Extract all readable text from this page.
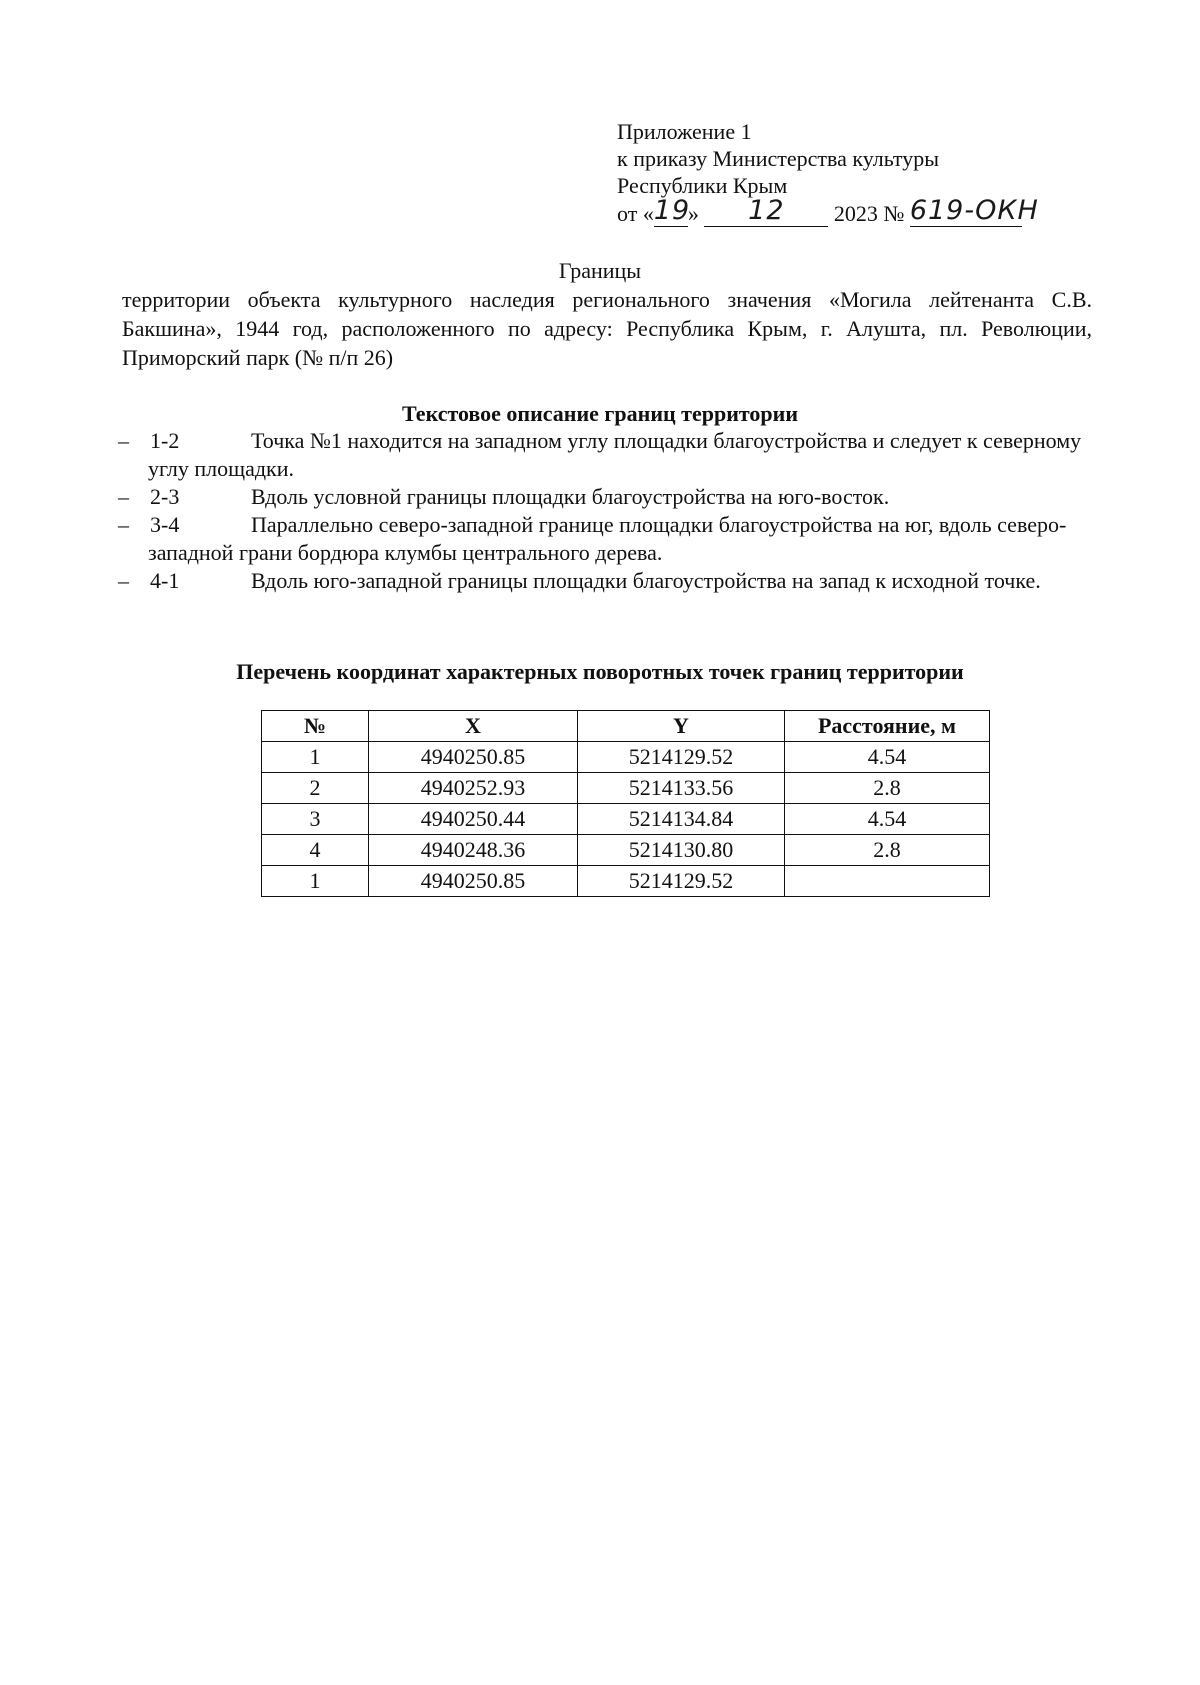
Приложение 1
к приказу Министерства культуры
Республики Крым
от «19» 12 2023 № 619-ОКН
Границы
территории объекта культурного наследия регионального значения «Могила лейтенанта С.В. Бакшина», 1944 год, расположенного по адресу: Республика Крым, г. Алушта, пл. Революции, Приморский парк (№ п/п 26)
Текстовое описание границ территории
– 1-2	Точка №1 находится на западном углу площадки благоустройства и следует к северному углу площадки.
– 2-3	Вдоль условной границы площадки благоустройства на юго-восток.
– 3-4	Параллельно северо-западной границе площадки благоустройства на юг, вдоль северо-западной грани бордюра клумбы центрального дерева.
– 4-1	Вдоль юго-западной границы площадки благоустройства на запад к исходной точке.
Перечень координат характерных поворотных точек границ территории
№	X	Y	Расстояние, м
1	4940250.85	5214129.52	4.54
2	4940252.93	5214133.56	2.8
3	4940250.44	5214134.84	4.54
4	4940248.36	5214130.80	2.8
1	4940250.85	5214129.52	
